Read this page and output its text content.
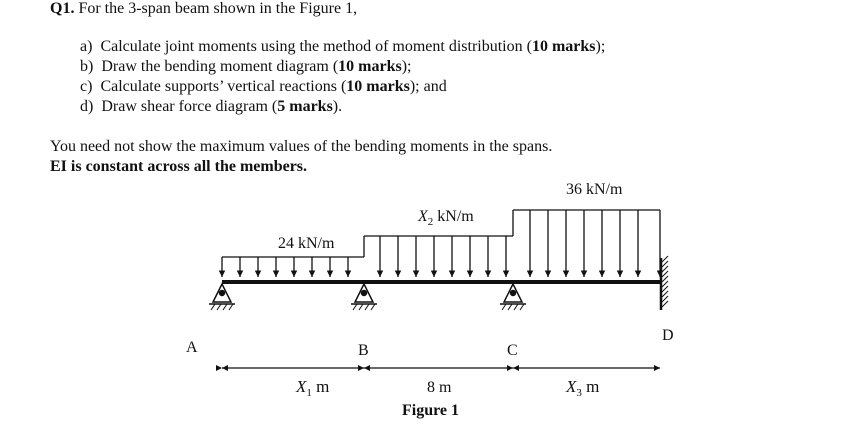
Q1. For the 3-span beam shown in the Figure 1,
a) Calculate joint moments using the method of moment distribution (10 marks);
b) Draw the bending moment diagram (10 marks);
c) Calculate supports’ vertical reactions (10 marks); and
d) Draw shear force diagram (5 marks).
You need not show the maximum values of the bending moments in the spans.
EI is constant across all the members.
24 kN/m
$X_2$ kN/m
36 kN/m
A	B	C
D
$X_1$ m	8 m	$X_3$ m
Figure 1
